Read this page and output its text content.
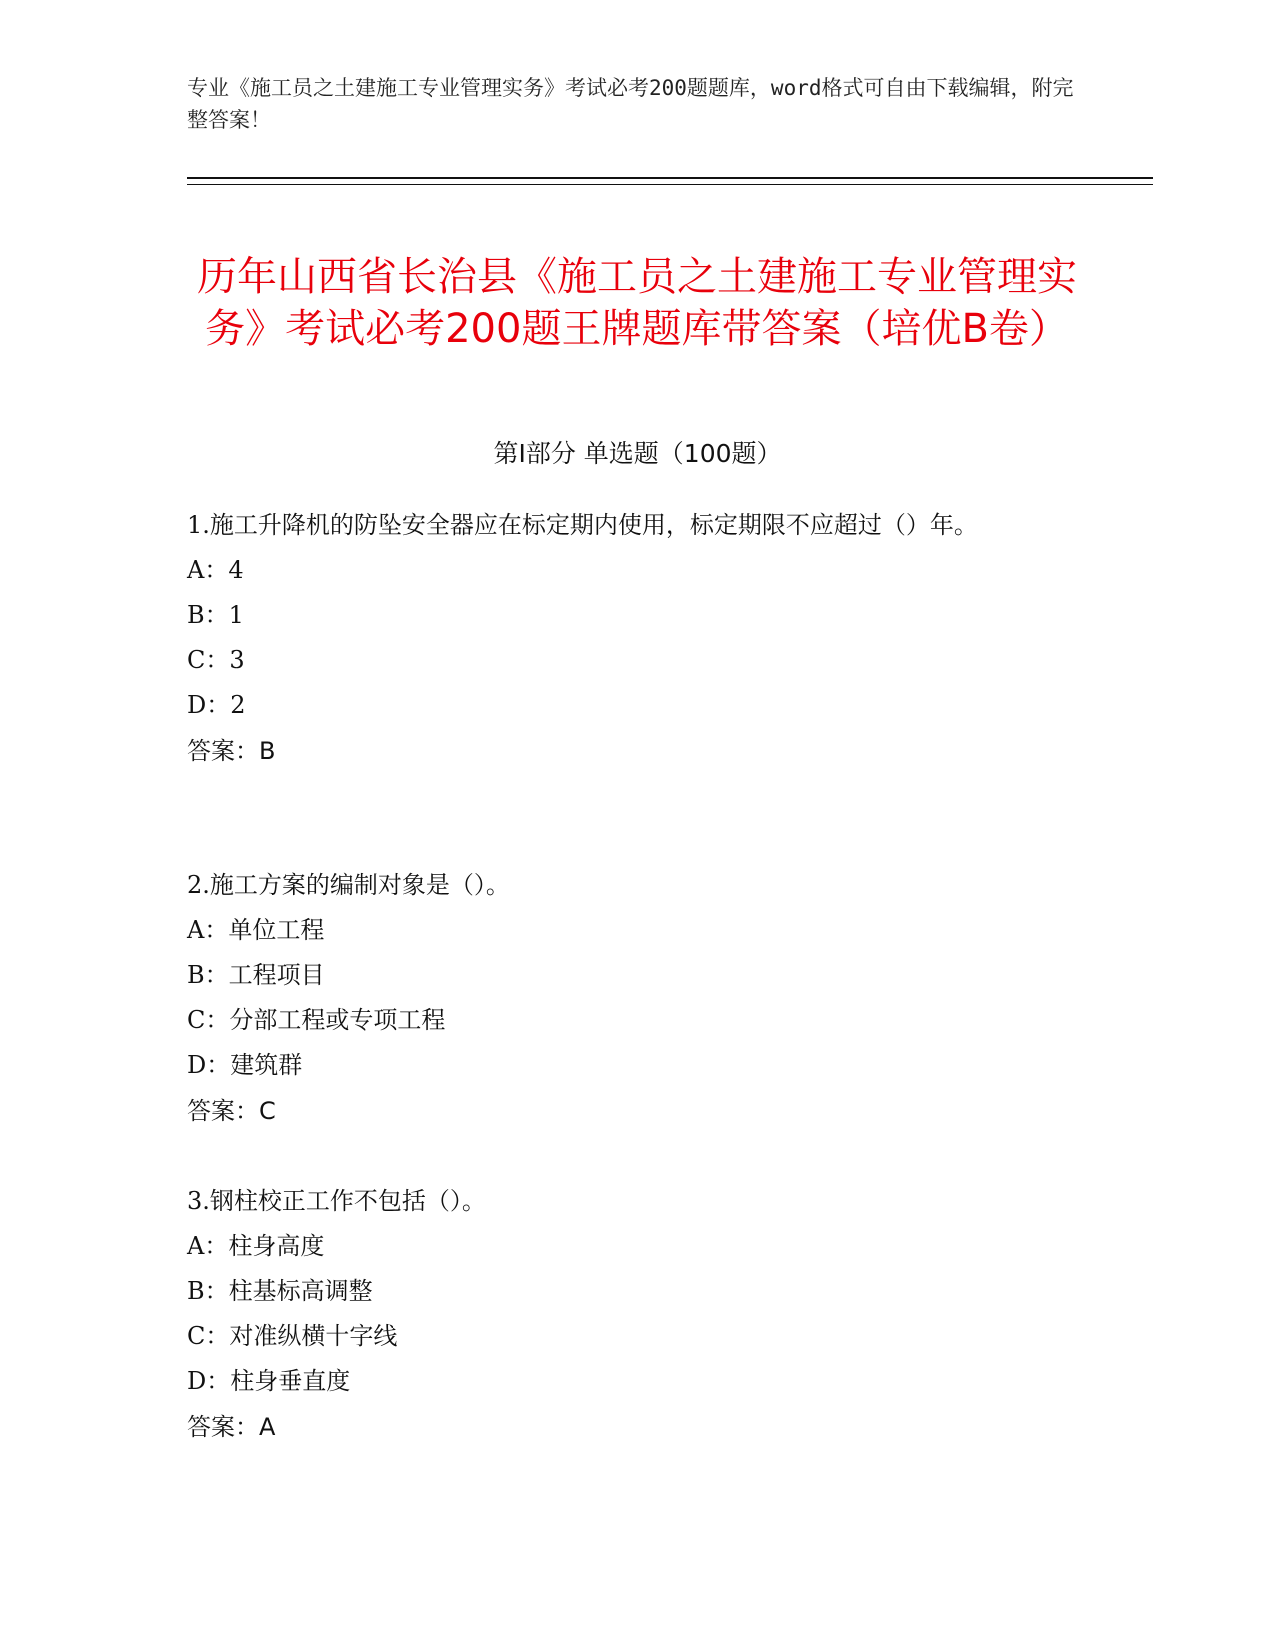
专业《施工员之土建施工专业管理实务》考试必考200题题库，word格式可自由下载编辑，附完整答案！
历年山西省长治县《施工员之土建施工专业管理实务》考试必考200题王牌题库带答案（培优B卷）
第Ⅰ部分 单选题（100题）

1.施工升降机的防坠安全器应在标定期内使用，标定期限不应超过（）年。

A：4

B：1

C：3

D：2

答案：B

2.施工方案的编制对象是（）。

A：单位工程

B：工程项目

C：分部工程或专项工程

D：建筑群

答案：C

3.钢柱校正工作不包括（）。

A：柱身高度

B：柱基标高调整

C：对准纵横十字线

D：柱身垂直度

答案：A
